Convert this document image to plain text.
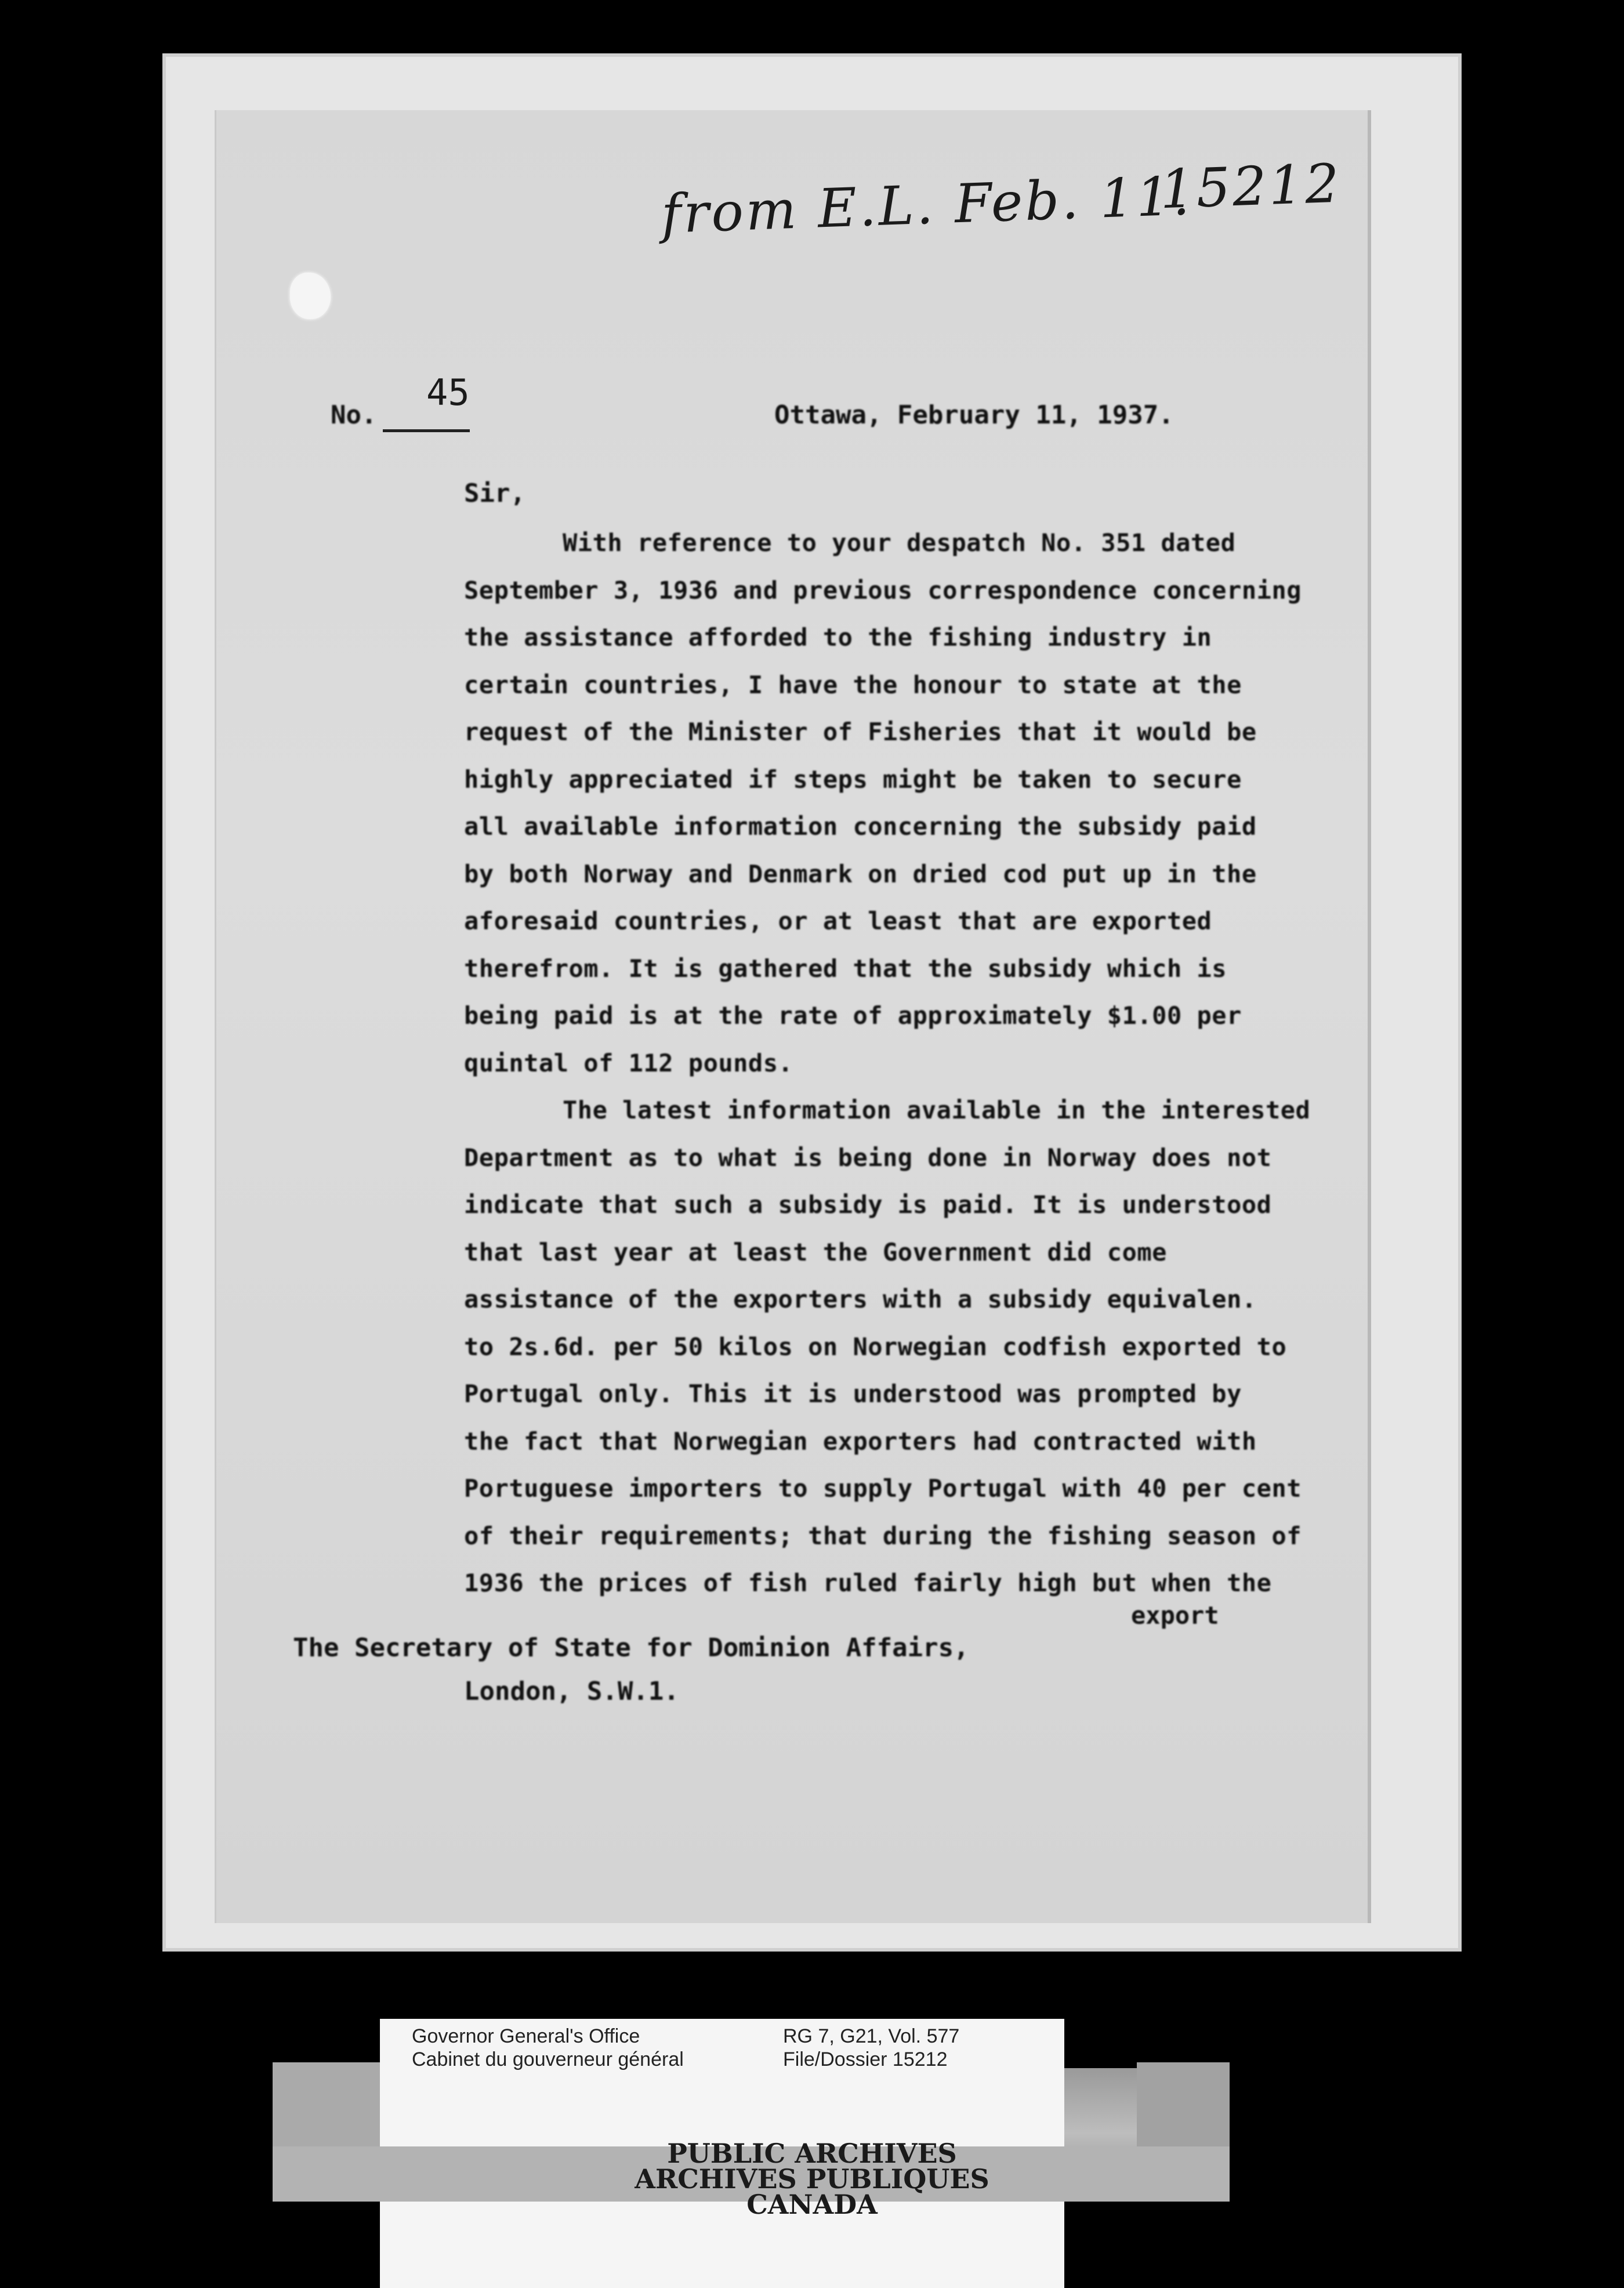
from E.L. Feb. 11.
15212
No.
45
Ottawa, February 11, 1937.
Sir,
With reference to your despatch No. 351 dated
September 3, 1936 and previous correspondence concerning
the assistance afforded to the fishing industry in
certain countries, I have the honour to state at the
request of the Minister of Fisheries that it would be
highly appreciated if steps might be taken to secure
all available information concerning the subsidy paid
by both Norway and Denmark on dried cod put up in the
aforesaid countries, or at least that are exported
therefrom. It is gathered that the subsidy which is
being paid is at the rate of approximately $1.00 per
quintal of 112 pounds.
The latest information available in the interested
Department as to what is being done in Norway does not
indicate that such a subsidy is paid. It is understood
that last year at least the Government did come
assistance of the exporters with a subsidy equivalen.
to 2s.6d. per 50 kilos on Norwegian codfish exported to
Portugal only. This it is understood was prompted by
the fact that Norwegian exporters had contracted with
Portuguese importers to supply Portugal with 40 per cent
of their requirements; that during the fishing season of
1936 the prices of fish ruled fairly high but when the
export
The Secretary of State for Dominion Affairs,
London, S.W.1.
Governor General's Office
Cabinet du gouverneur général
RG 7, G21, Vol. 577
File/Dossier 15212
PUBLIC ARCHIVES
ARCHIVES PUBLIQUES
CANADA
